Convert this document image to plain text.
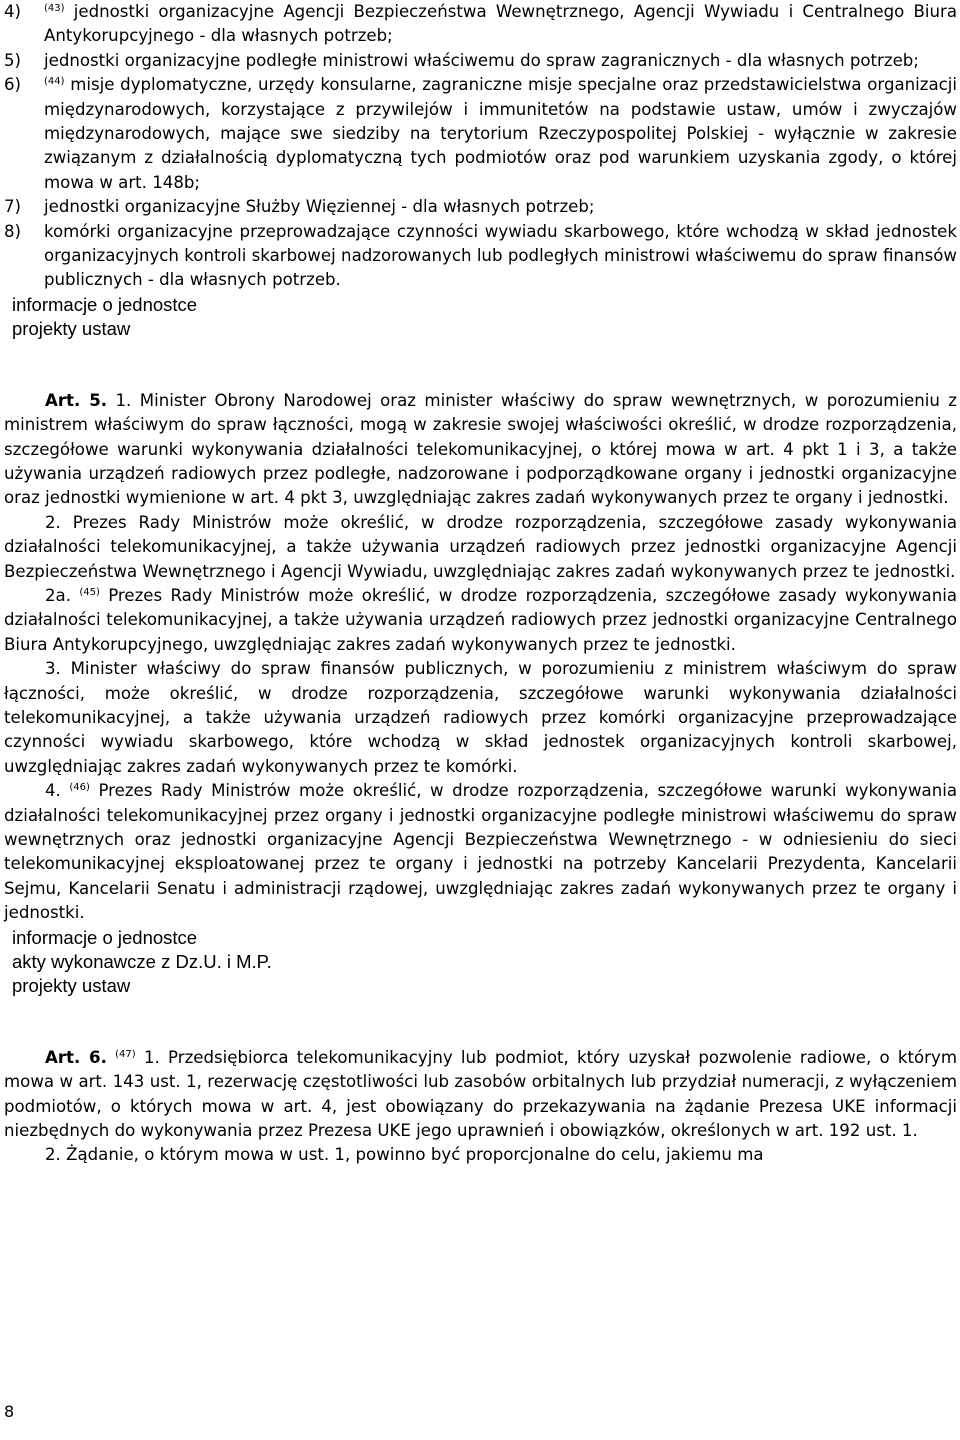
4)	$^{(43)}$ jednostki organizacyjne Agencji Bezpieczeństwa Wewnętrznego, Agencji Wywiadu i Centralnego Biura Antykorupcyjnego - dla własnych potrzeb;
5)	jednostki organizacyjne podległe ministrowi właściwemu do spraw zagranicznych - dla własnych potrzeb;
6)	$^{(44)}$ misje dyplomatyczne, urzędy konsularne, zagraniczne misje specjalne oraz przedstawicielstwa organizacji międzynarodowych, korzystające z przywilejów i immunitetów na podstawie ustaw, umów i zwyczajów międzynarodowych, mające swe siedziby na terytorium Rzeczypospolitej Polskiej - wyłącznie w zakresie związanym z działalnością dyplomatyczną tych podmiotów oraz pod warunkiem uzyskania zgody, o której mowa w art. 148b;
7)	jednostki organizacyjne Służby Więziennej - dla własnych potrzeb;
8)	komórki organizacyjne przeprowadzające czynności wywiadu skarbowego, które wchodzą w skład jednostek organizacyjnych kontroli skarbowej nadzorowanych lub podległych ministrowi właściwemu do spraw finansów publicznych - dla własnych potrzeb.
informacje o jednostce
projekty ustaw

Art. 5. 1. Minister Obrony Narodowej oraz minister właściwy do spraw wewnętrznych, w porozumieniu z ministrem właściwym do spraw łączności, mogą w zakresie swojej właściwości określić, w drodze rozporządzenia, szczegółowe warunki wykonywania działalności telekomunikacyjnej, o której mowa w art. 4 pkt 1 i 3, a także używania urządzeń radiowych przez podległe, nadzorowane i podporządkowane organy i jednostki organizacyjne oraz jednostki wymienione w art. 4 pkt 3, uwzględniając zakres zadań wykonywanych przez te organy i jednostki.

2. Prezes Rady Ministrów może określić, w drodze rozporządzenia, szczegółowe zasady wykonywania działalności telekomunikacyjnej, a także używania urządzeń radiowych przez jednostki organizacyjne Agencji Bezpieczeństwa Wewnętrznego i Agencji Wywiadu, uwzględniając zakres zadań wykonywanych przez te jednostki.

2a. $^{(45)}$ Prezes Rady Ministrów może określić, w drodze rozporządzenia, szczegółowe zasady wykonywania działalności telekomunikacyjnej, a także używania urządzeń radiowych przez jednostki organizacyjne Centralnego Biura Antykorupcyjnego, uwzględniając zakres zadań wykonywanych przez te jednostki.

3. Minister właściwy do spraw finansów publicznych, w porozumieniu z ministrem właściwym do spraw łączności, może określić, w drodze rozporządzenia, szczegółowe warunki wykonywania działalności telekomunikacyjnej, a także używania urządzeń radiowych przez komórki organizacyjne przeprowadzające czynności wywiadu skarbowego, które wchodzą w skład jednostek organizacyjnych kontroli skarbowej, uwzględniając zakres zadań wykonywanych przez te komórki.

4. $^{(46)}$ Prezes Rady Ministrów może określić, w drodze rozporządzenia, szczegółowe warunki wykonywania działalności telekomunikacyjnej przez organy i jednostki organizacyjne podległe ministrowi właściwemu do spraw wewnętrznych oraz jednostki organizacyjne Agencji Bezpieczeństwa Wewnętrznego - w odniesieniu do sieci telekomunikacyjnej eksploatowanej przez te organy i jednostki na potrzeby Kancelarii Prezydenta, Kancelarii Sejmu, Kancelarii Senatu i administracji rządowej, uwzględniając zakres zadań wykonywanych przez te organy i jednostki.

informacje o jednostce
akty wykonawcze z Dz.U. i M.P.
projekty ustaw

Art. 6. $^{(47)}$ 1. Przedsiębiorca telekomunikacyjny lub podmiot, który uzyskał pozwolenie radiowe, o którym mowa w art. 143 ust. 1, rezerwację częstotliwości lub zasobów orbitalnych lub przydział numeracji, z wyłączeniem podmiotów, o których mowa w art. 4, jest obowiązany do przekazywania na żądanie Prezesa UKE informacji niezbędnych do wykonywania przez Prezesa UKE jego uprawnień i obowiązków, określonych w art. 192 ust. 1.

2. Żądanie, o którym mowa w ust. 1, powinno być proporcjonalne do celu, jakiemu ma

8
